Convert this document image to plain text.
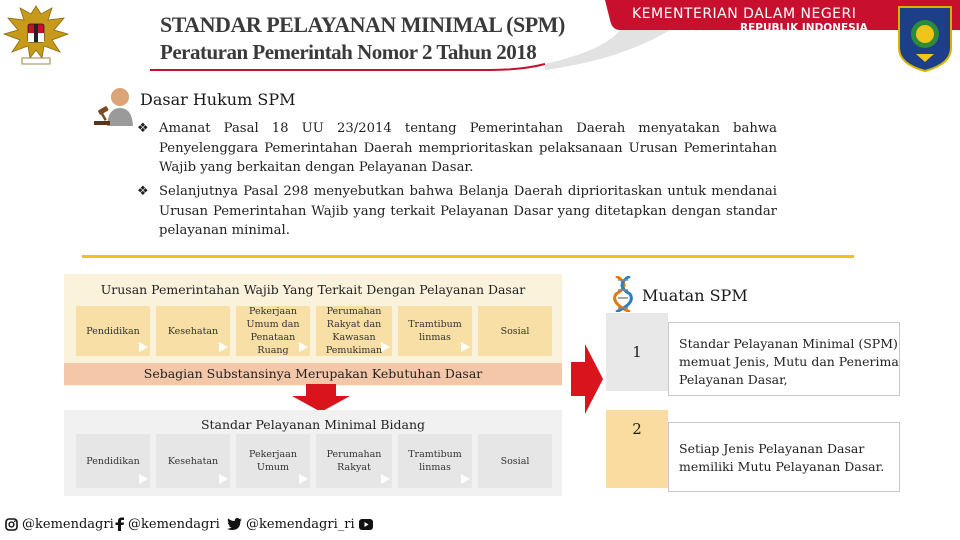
STANDAR PELAYANAN MINIMAL (SPM)
Peraturan Pemerintah Nomor 2 Tahun 2018
KEMENTERIAN DALAM NEGERI
REPUBLIK INDONESIA
Dasar Hukum SPM
❖ Amanat Pasal 18 UU 23/2014 tentang Pemerintahan Daerah menyatakan bahwa Penyelenggara Pemerintahan Daerah memprioritaskan pelaksanaan Urusan Pemerintahan Wajib yang berkaitan dengan Pelayanan Dasar.
❖ Selanjutnya Pasal 298 menyebutkan bahwa Belanja Daerah diprioritaskan untuk mendanai Urusan Pemerintahan Wajib yang terkait Pelayanan Dasar yang ditetapkan dengan standar pelayanan minimal.
Urusan Pemerintahan Wajib Yang Terkait Dengan Pelayanan Dasar
Pendidikan	Kesehatan
Pekerjaan Umum dan Penataan Ruang
Perumahan Rakyat dan Kawasan Pemukiman
Tramtibum linmas
Sosial
Sebagian Substansinya Merupakan Kebutuhan Dasar
Standar Pelayanan Minimal Bidang
Pendidikan	Kesehatan
Pekerjaan Umum
Perumahan Rakyat
Tramtibum linmas
Sosial
Muatan SPM
1	Standar Pelayanan Minimal (SPM) memuat Jenis, Mutu dan Penerima Pelayanan Dasar,
2
Setiap Jenis Pelayanan Dasar memiliki Mutu Pelayanan Dasar.
@kemendagri @kemendagri @kemendagri_ri
